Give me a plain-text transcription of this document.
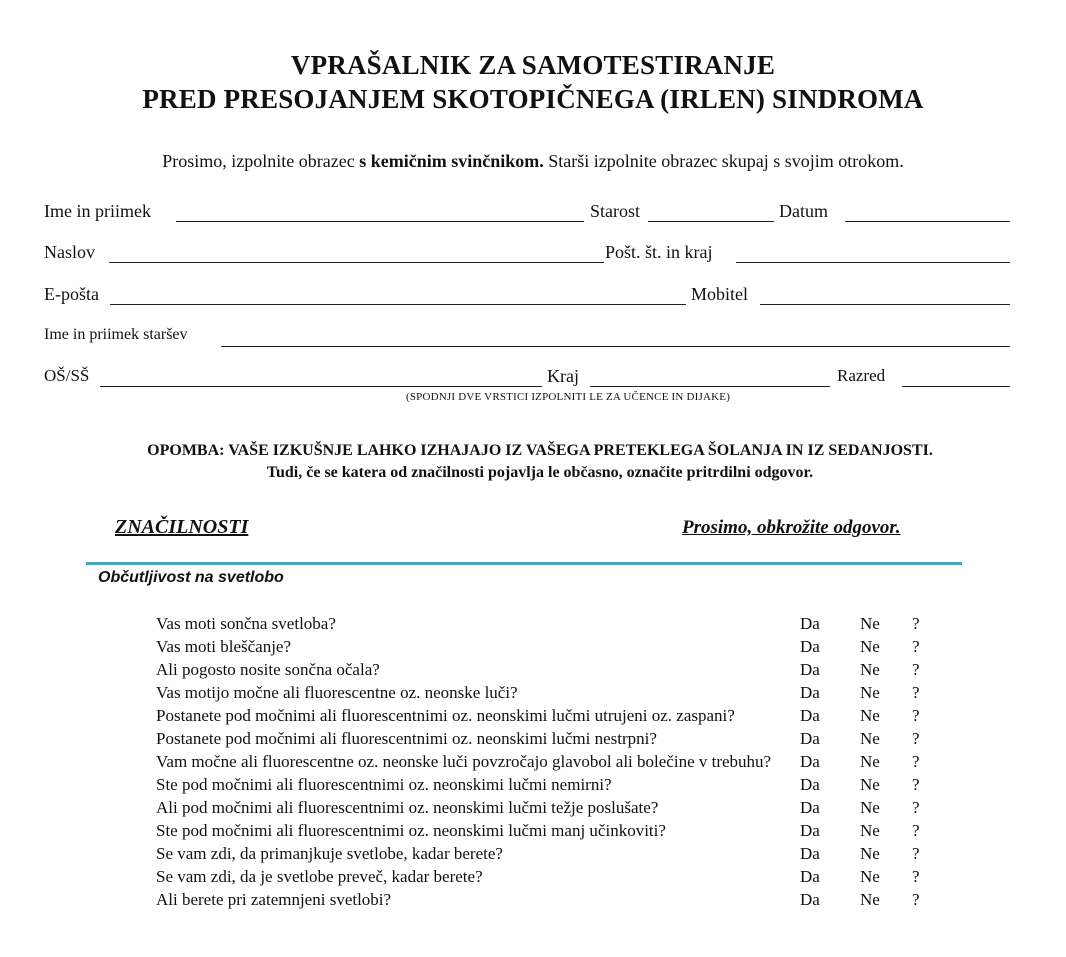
VPRAŠALNIK ZA SAMOTESTIRANJE
PRED PRESOJANJEM SKOTOPIČNEGA (IRLEN) SINDROMA
Prosimo, izpolnite obrazec s kemičnim svinčnikom. Starši izpolnite obrazec skupaj s svojim otrokom.
Ime in priimek	Starost	Datum
Naslov	Pošt. št. in kraj
E-pošta	Mobitel
Ime in priimek staršev
OŠ/SŠ	Kraj	Razred
(SPODNJI DVE VRSTICI IZPOLNITI LE ZA UČENCE IN DIJAKE)
OPOMBA: VAŠE IZKUŠNJE LAHKO IZHAJAJO IZ VAŠEGA PRETEKLEGA ŠOLANJA IN IZ SEDANJOSTI.
Tudi, če se katera od značilnosti pojavlja le občasno, označite pritrdilni odgovor.
ZNAČILNOSTI	Prosimo, obkrožite odgovor.
Občutljivost na svetlobo
Vas moti sončna svetloba?	Da Ne ?
Vas moti bleščanje?	Da Ne ?
Ali pogosto nosite sončna očala?	Da Ne ?
Vas motijo močne ali fluorescentne oz. neonske luči?	Da Ne ?
Postanete pod močnimi ali fluorescentnimi oz. neonskimi lučmi utrujeni oz. zaspani?	Da Ne ?
Postanete pod močnimi ali fluorescentnimi oz. neonskimi lučmi nestrpni?	Da Ne ?
Vam močne ali fluorescentne oz. neonske luči povzročajo glavobol ali bolečine v trebuhu? Da Ne ?
Ste pod močnimi ali fluorescentnimi oz. neonskimi lučmi nemirni?	Da Ne ?
Ali pod močnimi ali fluorescentnimi oz. neonskimi lučmi težje poslušate?	Da Ne ?
Ste pod močnimi ali fluorescentnimi oz. neonskimi lučmi manj učinkoviti?	Da Ne ?
Se vam zdi, da primanjkuje svetlobe, kadar berete?	Da Ne ?
Se vam zdi, da je svetlobe preveč, kadar berete?	Da Ne ?
Ali berete pri zatemnjeni svetlobi?	Da Ne ?
